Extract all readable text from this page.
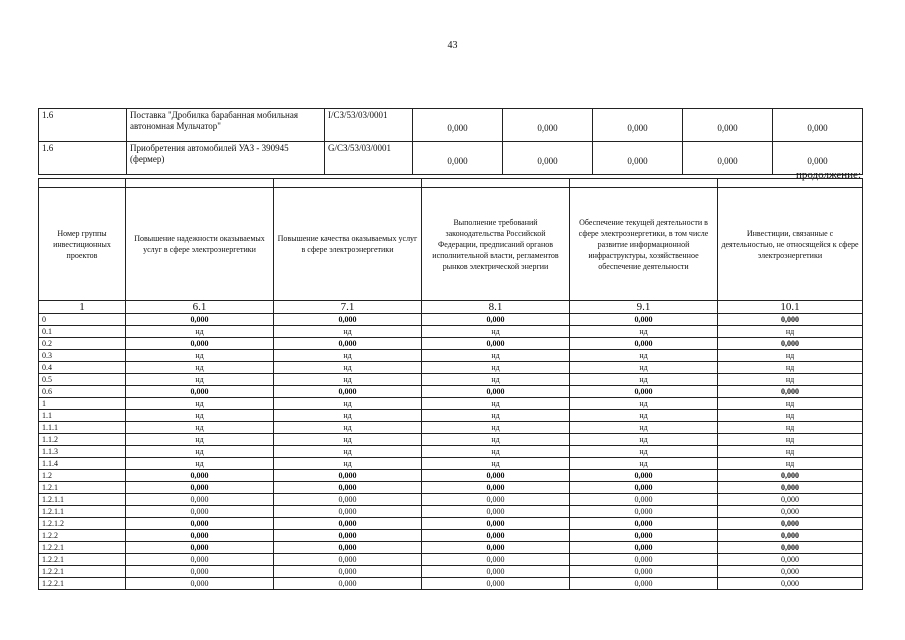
43
1.6	Поставка "Дробилка барабанная мобильная автономная Мульчатор"	I/СЗ/53/03/0001	0,000	0,000	0,000	0,000	0,000
1.6	Приобретения автомобилей УАЗ - 390945 (фермер)	G/СЗ/53/03/0001	0,000	0,000	0,000	0,000	0,000
продолжение:

Номер группы инвестиционных проектов	Повышение надежности оказываемых услуг в сфере электроэнергетики	Повышение качества оказываемых услуг в сфере электроэнергетики	Выполнение требований законодательства Российской Федерации, предписаний органов исполнительной власти, регламентов рынков электрической энергии	Обеспечение текущей деятельности в сфере электроэнергетики, в том числе развитие информационной инфраструктуры, хозяйственное обеспечение деятельности	Инвестиции, связанные с деятельностью, не относящейся к сфере электроэнергетики
1	6.1	7.1	8.1	9.1	10.1
0	0,000	0,000	0,000	0,000	0,000
0.1	нд	нд	нд	нд	нд
0.2	0,000	0,000	0,000	0,000	0,000
0.3	нд	нд	нд	нд	нд
0.4	нд	нд	нд	нд	нд
0.5	нд	нд	нд	нд	нд
0.6	0,000	0,000	0,000	0,000	0,000
1	нд	нд	нд	нд	нд
1.1	нд	нд	нд	нд	нд
1.1.1	нд	нд	нд	нд	нд
1.1.2	нд	нд	нд	нд	нд
1.1.3	нд	нд	нд	нд	нд
1.1.4	нд	нд	нд	нд	нд
1.2	0,000	0,000	0,000	0,000	0,000
1.2.1	0,000	0,000	0,000	0,000	0,000
1.2.1.1	0,000	0,000	0,000	0,000	0,000
1.2.1.1	0,000	0,000	0,000	0,000	0,000
1.2.1.2	0,000	0,000	0,000	0,000	0,000
1.2.2	0,000	0,000	0,000	0,000	0,000
1.2.2.1	0,000	0,000	0,000	0,000	0,000
1.2.2.1	0,000	0,000	0,000	0,000	0,000
1.2.2.1	0,000	0,000	0,000	0,000	0,000
1.2.2.1	0,000	0,000	0,000	0,000	0,000
